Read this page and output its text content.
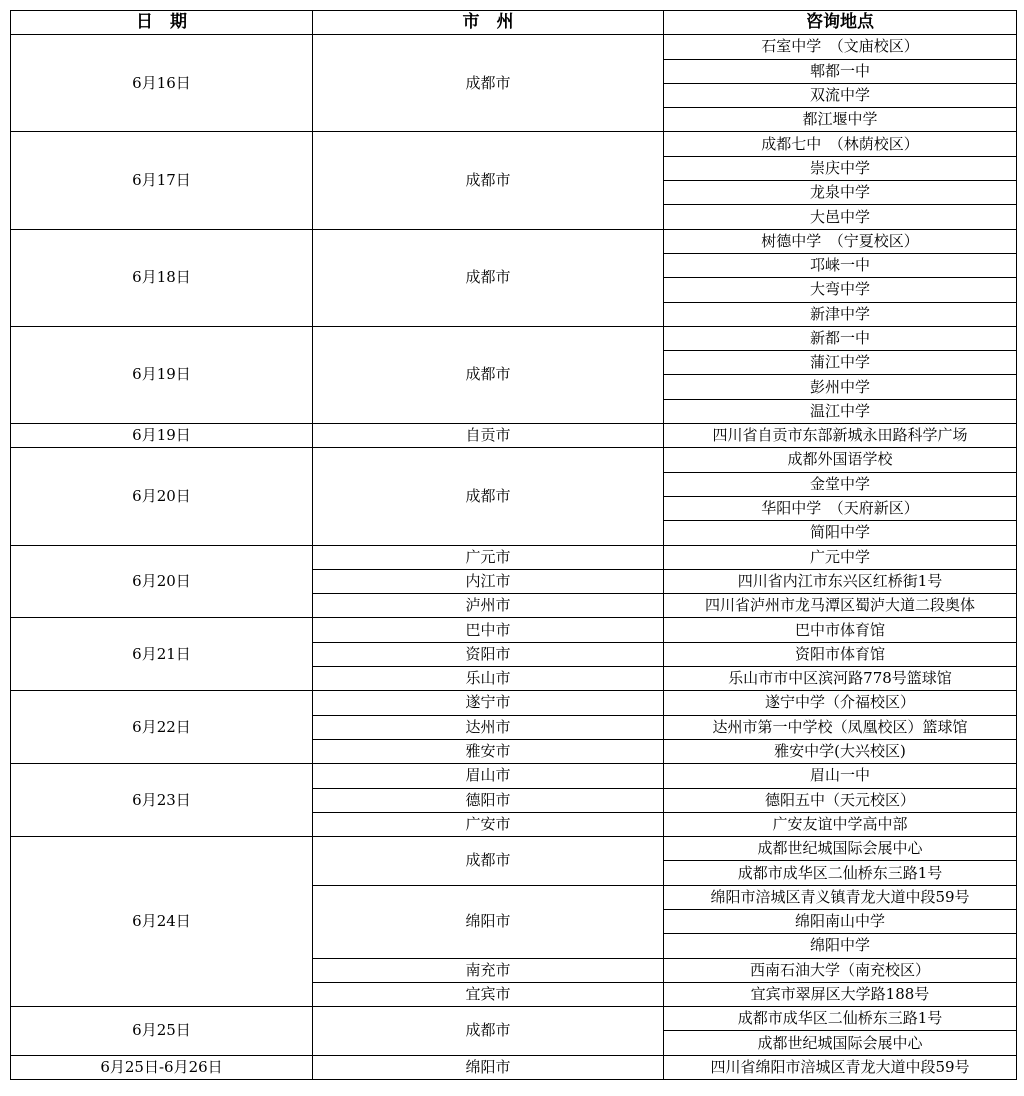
日　期	市　州	咨询地点
6月16日	成都市	石室中学　（文庙校区）
		郫都一中
		双流中学
		都江堰中学
6月17日	成都市	成都七中　（林荫校区）
		崇庆中学
		龙泉中学
		大邑中学
6月18日	成都市	树德中学　（宁夏校区）
		邛崃一中
		大弯中学
		新津中学
6月19日	成都市	新都一中
		蒲江中学
		彭州中学
		温江中学
6月19日	自贡市	四川省自贡市东部新城永田路科学广场
6月20日	成都市	成都外国语学校
		金堂中学
		华阳中学　（天府新区）
		简阳中学
6月20日	广元市	广元中学
	内江市	四川省内江市东兴区红桥街1号
	泸州市	四川省泸州市龙马潭区蜀泸大道二段奥体
6月21日	巴中市	巴中市体育馆
	资阳市	资阳市体育馆
	乐山市	乐山市市中区滨河路778号篮球馆
6月22日	遂宁市	遂宁中学（介福校区）
	达州市	达州市第一中学校（凤凰校区）篮球馆
	雅安市	雅安中学(大兴校区)
6月23日	眉山市	眉山一中
	德阳市	德阳五中（天元校区）
	广安市	广安友谊中学高中部
6月24日	成都市	成都世纪城国际会展中心
		成都市成华区二仙桥东三路1号
	绵阳市	绵阳市涪城区青义镇青龙大道中段59号
		绵阳南山中学
		绵阳中学
	南充市	西南石油大学（南充校区）
	宜宾市	宜宾市翠屏区大学路188号
6月25日	成都市	成都市成华区二仙桥东三路1号
		成都世纪城国际会展中心
6月25日-6月26日	绵阳市	四川省绵阳市涪城区青龙大道中段59号
